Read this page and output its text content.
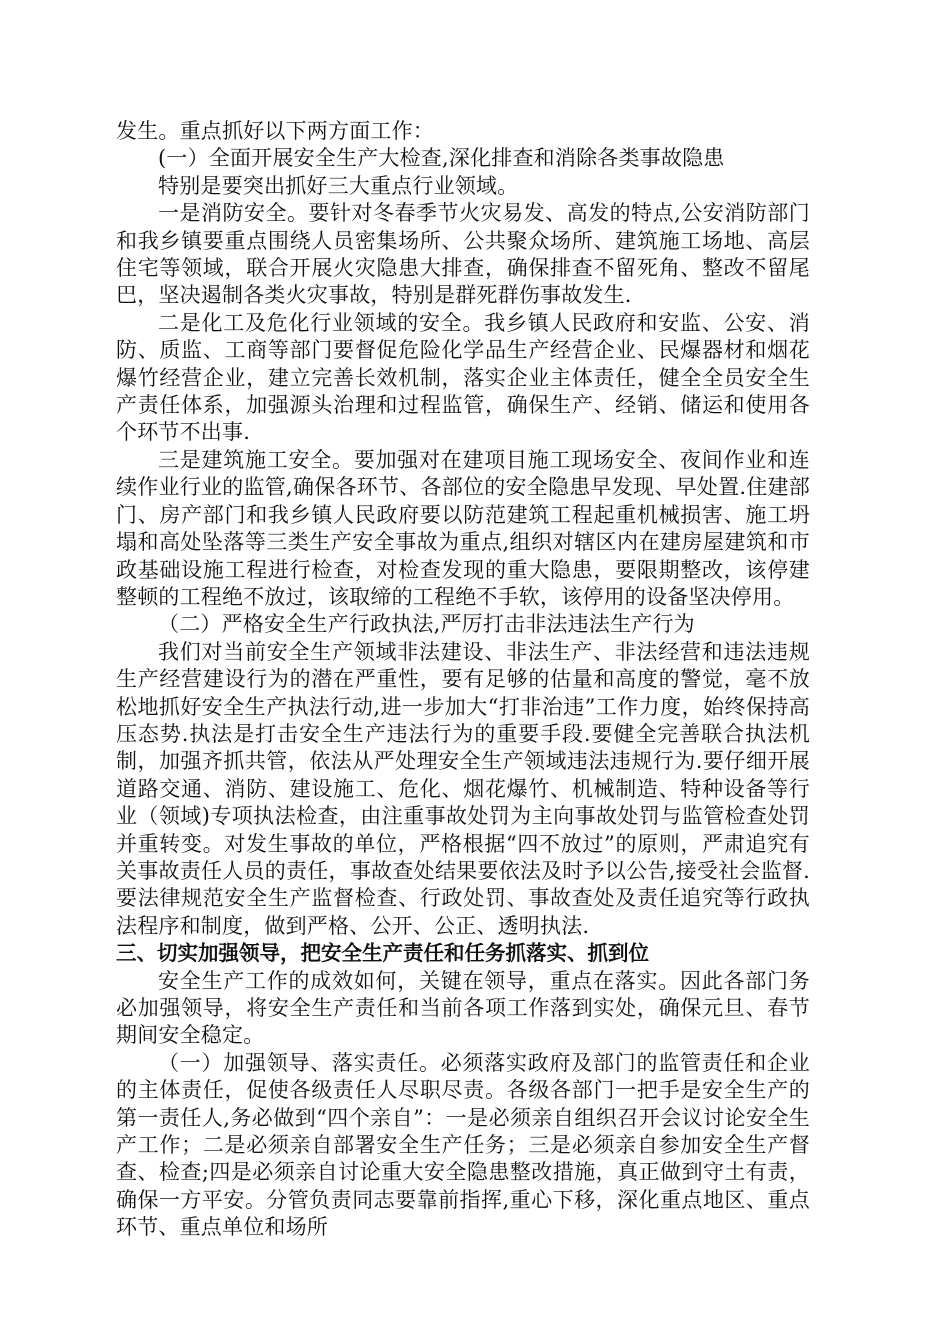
发生。重点抓好以下两方面工作：

(一）全面开展安全生产大检查,深化排查和消除各类事故隐患

特别是要突出抓好三大重点行业领域。

一是消防安全。要针对冬春季节火灾易发、高发的特点,公安消防部门和我乡镇要重点围绕人员密集场所、公共聚众场所、建筑施工场地、高层住宅等领域，联合开展火灾隐患大排查，确保排查不留死角、整改不留尾巴，坚决遏制各类火灾事故，特别是群死群伤事故发生.

二是化工及危化行业领域的安全。我乡镇人民政府和安监、公安、消防、质监、工商等部门要督促危险化学品生产经营企业、民爆器材和烟花爆竹经营企业，建立完善长效机制，落实企业主体责任，健全全员安全生产责任体系，加强源头治理和过程监管，确保生产、经销、储运和使用各个环节不出事.

三是建筑施工安全。要加强对在建项目施工现场安全、夜间作业和连续作业行业的监管,确保各环节、各部位的安全隐患早发现、早处置.住建部门、房产部门和我乡镇人民政府要以防范建筑工程起重机械损害、施工坍塌和高处坠落等三类生产安全事故为重点,组织对辖区内在建房屋建筑和市政基础设施工程进行检查，对检查发现的重大隐患，要限期整改，该停建整顿的工程绝不放过，该取缔的工程绝不手软，该停用的设备坚决停用。

（二）严格安全生产行政执法,严厉打击非法违法生产行为

我们对当前安全生产领域非法建设、非法生产、非法经营和违法违规生产经营建设行为的潜在严重性，要有足够的估量和高度的警觉，毫不放松地抓好安全生产执法行动,进一步加大“打非治违”工作力度，始终保持高压态势.执法是打击安全生产违法行为的重要手段.要健全完善联合执法机制，加强齐抓共管，依法从严处理安全生产领域违法违规行为.要仔细开展道路交通、消防、建设施工、危化、烟花爆竹、机械制造、特种设备等行业（领域)专项执法检查，由注重事故处罚为主向事故处罚与监管检查处罚并重转变。对发生事故的单位，严格根据“四不放过”的原则，严肃追究有关事故责任人员的责任，事故查处结果要依法及时予以公告,接受社会监督.要法律规范安全生产监督检查、行政处罚、事故查处及责任追究等行政执法程序和制度，做到严格、公开、公正、透明执法.

三、切实加强领导，把安全生产责任和任务抓落实、抓到位

安全生产工作的成效如何，关键在领导，重点在落实。因此各部门务必加强领导，将安全生产责任和当前各项工作落到实处，确保元旦、春节期间安全稳定。

（一）加强领导、落实责任。必须落实政府及部门的监管责任和企业的主体责任，促使各级责任人尽职尽责。各级各部门一把手是安全生产的第一责任人,务必做到“四个亲自”：一是必须亲自组织召开会议讨论安全生产工作；二是必须亲自部署安全生产任务；三是必须亲自参加安全生产督查、检查;四是必须亲自讨论重大安全隐患整改措施，真正做到守土有责，确保一方平安。分管负责同志要靠前指挥,重心下移，深化重点地区、重点环节、重点单位和场所
